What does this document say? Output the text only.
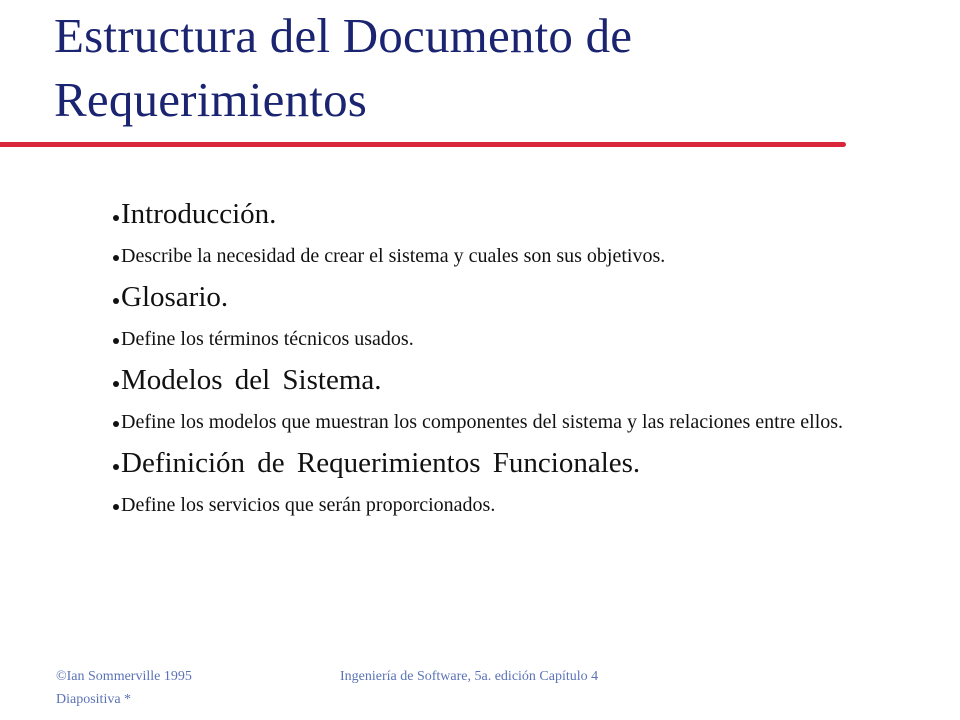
Estructura del Documento de Requerimientos
Introducción.
Describe la necesidad de crear el sistema y cuales son sus objetivos.
Glosario.
Define los términos técnicos usados.
Modelos del Sistema.
Define los modelos que muestran los componentes del sistema y las relaciones entre ellos.
Definición de Requerimientos Funcionales.
Define los servicios que serán proporcionados.
©Ian Sommerville 1995
Diapositiva *
Ingeniería de Software, 5a. edición Capítulo 4
